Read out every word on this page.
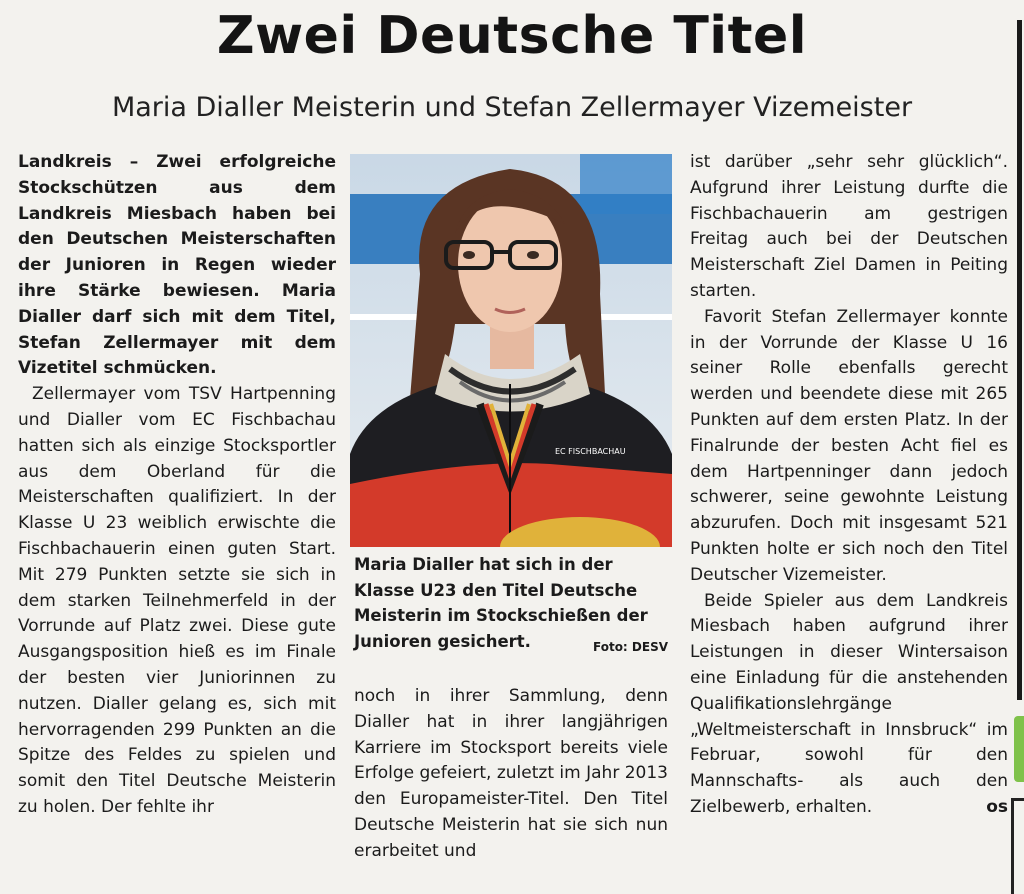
Zwei Deutsche Titel
Maria Dialler Meisterin und Stefan Zellermayer Vizemeister

Landkreis – Zwei erfolgreiche Stockschützen aus dem Landkreis Miesbach haben bei den Deutschen Meisterschaften der Junioren in Regen wieder ihre Stärke bewiesen. Maria Dialler darf sich mit dem Titel, Stefan Zellermayer mit dem Vizetitel schmücken.

Zellermayer vom TSV Hartpenning und Dialler vom EC Fischbachau hatten sich als einzige Stocksportler aus dem Oberland für die Meisterschaften qualifiziert. In der Klasse U 23 weiblich erwischte die Fischbachauerin einen guten Start. Mit 279 Punkten setzte sie sich in dem starken Teilnehmerfeld in der Vorrunde auf Platz zwei. Diese gute Ausgangsposition hieß es im Finale der besten vier Juniorinnen zu nutzen. Dialler gelang es, sich mit hervorragenden 299 Punkten an die Spitze des Feldes zu spielen und somit den Titel Deutsche Meisterin zu holen. Der fehlte ihr

EC FISCHBACHAU
Maria Dialler hat sich in der Klasse U23 den Titel Deutsche Meisterin im Stockschießen der Junioren gesichert.	Foto: DESV

noch in ihrer Sammlung, denn Dialler hat in ihrer langjährigen Karriere im Stocksport bereits viele Erfolge gefeiert, zuletzt im Jahr 2013 den Europameister-Titel. Den Titel Deutsche Meisterin hat sie sich nun erarbeitet und

ist darüber „sehr sehr glücklich“. Aufgrund ihrer Leistung durfte die Fischbachauerin am gestrigen Freitag auch bei der Deutschen Meisterschaft Ziel Damen in Peiting starten.

Favorit Stefan Zellermayer konnte in der Vorrunde der Klasse U 16 seiner Rolle ebenfalls gerecht werden und beendete diese mit 265 Punkten auf dem ersten Platz. In der Finalrunde der besten Acht fiel es dem Hartpenninger dann jedoch schwerer, seine gewohnte Leistung abzurufen. Doch mit insgesamt 521 Punkten holte er sich noch den Titel Deutscher Vizemeister.

Beide Spieler aus dem Landkreis Miesbach haben aufgrund ihrer Leistungen in dieser Wintersaison eine Einladung für die anstehenden Qualifikationslehrgänge „Weltmeisterschaft in Innsbruck“ im Februar, sowohl für den Mannschafts- als auch den Zielbewerb, erhalten.	os
